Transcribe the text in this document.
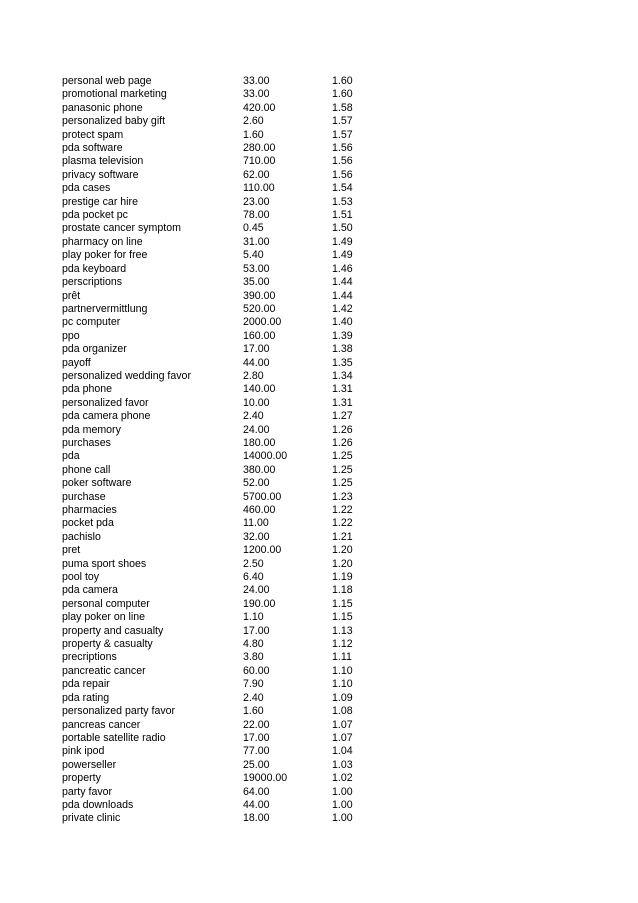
personal web page	33.00	1.60
promotional marketing	33.00	1.60
panasonic phone	420.00	1.58
personalized baby gift	2.60	1.57
protect spam	1.60	1.57
pda software	280.00	1.56
plasma television	710.00	1.56
privacy software	62.00	1.56
pda cases	110.00	1.54
prestige car hire	23.00	1.53
pda pocket pc	78.00	1.51
prostate cancer symptom	0.45	1.50
pharmacy on line	31.00	1.49
play poker for free	5.40	1.49
pda keyboard	53.00	1.46
perscriptions	35.00	1.44
prêt	390.00	1.44
partnervermittlung	520.00	1.42
pc computer	2000.00	1.40
ppo	160.00	1.39
pda organizer	17.00	1.38
payoff	44.00	1.35
personalized wedding favor	2.80	1.34
pda phone	140.00	1.31
personalized favor	10.00	1.31
pda camera phone	2.40	1.27
pda memory	24.00	1.26
purchases	180.00	1.26
pda	14000.00	1.25
phone call	380.00	1.25
poker software	52.00	1.25
purchase	5700.00	1.23
pharmacies	460.00	1.22
pocket pda	11.00	1.22
pachislo	32.00	1.21
pret	1200.00	1.20
puma sport shoes	2.50	1.20
pool toy	6.40	1.19
pda camera	24.00	1.18
personal computer	190.00	1.15
play poker on line	1.10	1.15
property and casualty	17.00	1.13
property & casualty	4.80	1.12
precriptions	3.80	1.11
pancreatic cancer	60.00	1.10
pda repair	7.90	1.10
pda rating	2.40	1.09
personalized party favor	1.60	1.08
pancreas cancer	22.00	1.07
portable satellite radio	17.00	1.07
pink ipod	77.00	1.04
powerseller	25.00	1.03
property	19000.00	1.02
party favor	64.00	1.00
pda downloads	44.00	1.00
private clinic	18.00	1.00
